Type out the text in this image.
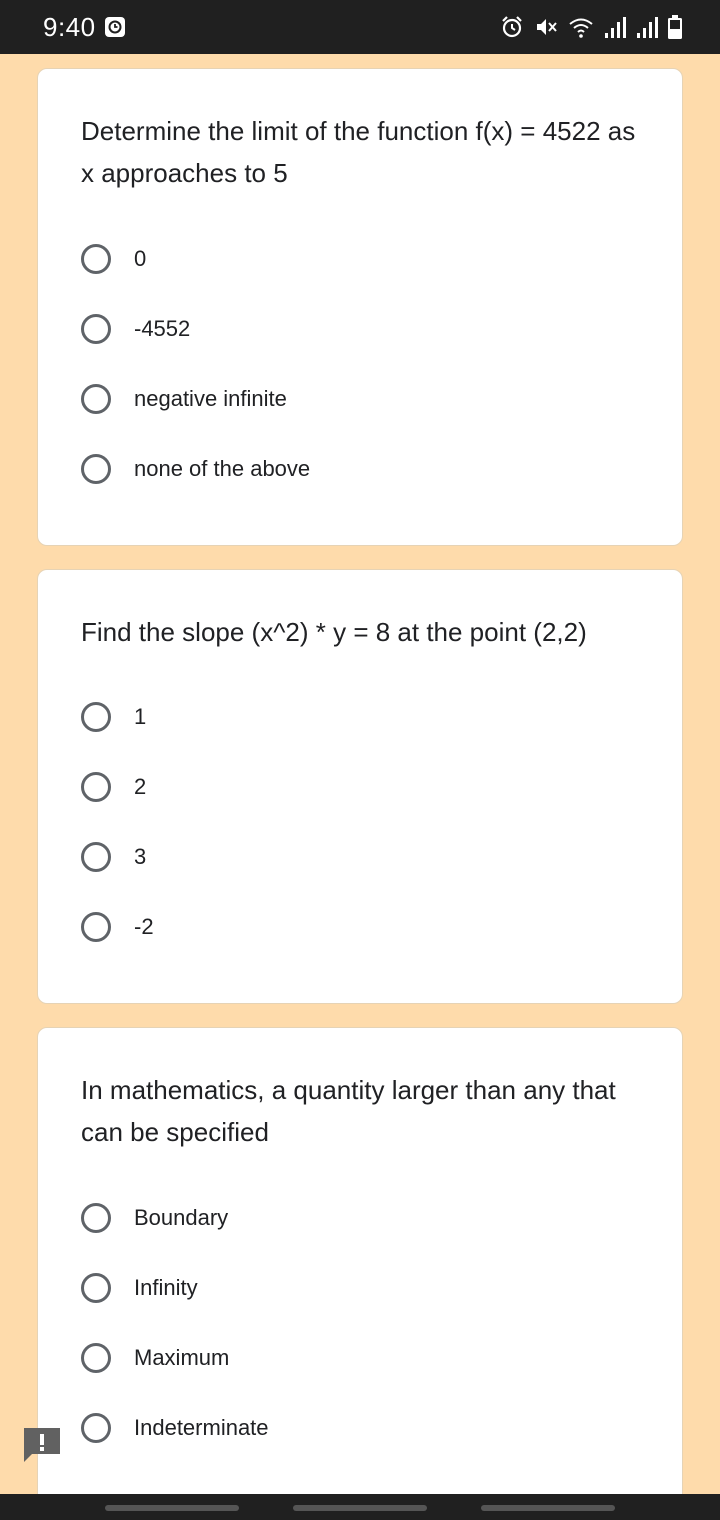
9:40
Determine the limit of the function f(x) = 4522 as x approaches to 5
0
-4552
negative infinite
none of the above
Find the slope (x^2) * y = 8 at the point (2,2)
1
2
3
-2
In mathematics, a quantity larger than any that can be specified
Boundary
Infinity
Maximum
Indeterminate
